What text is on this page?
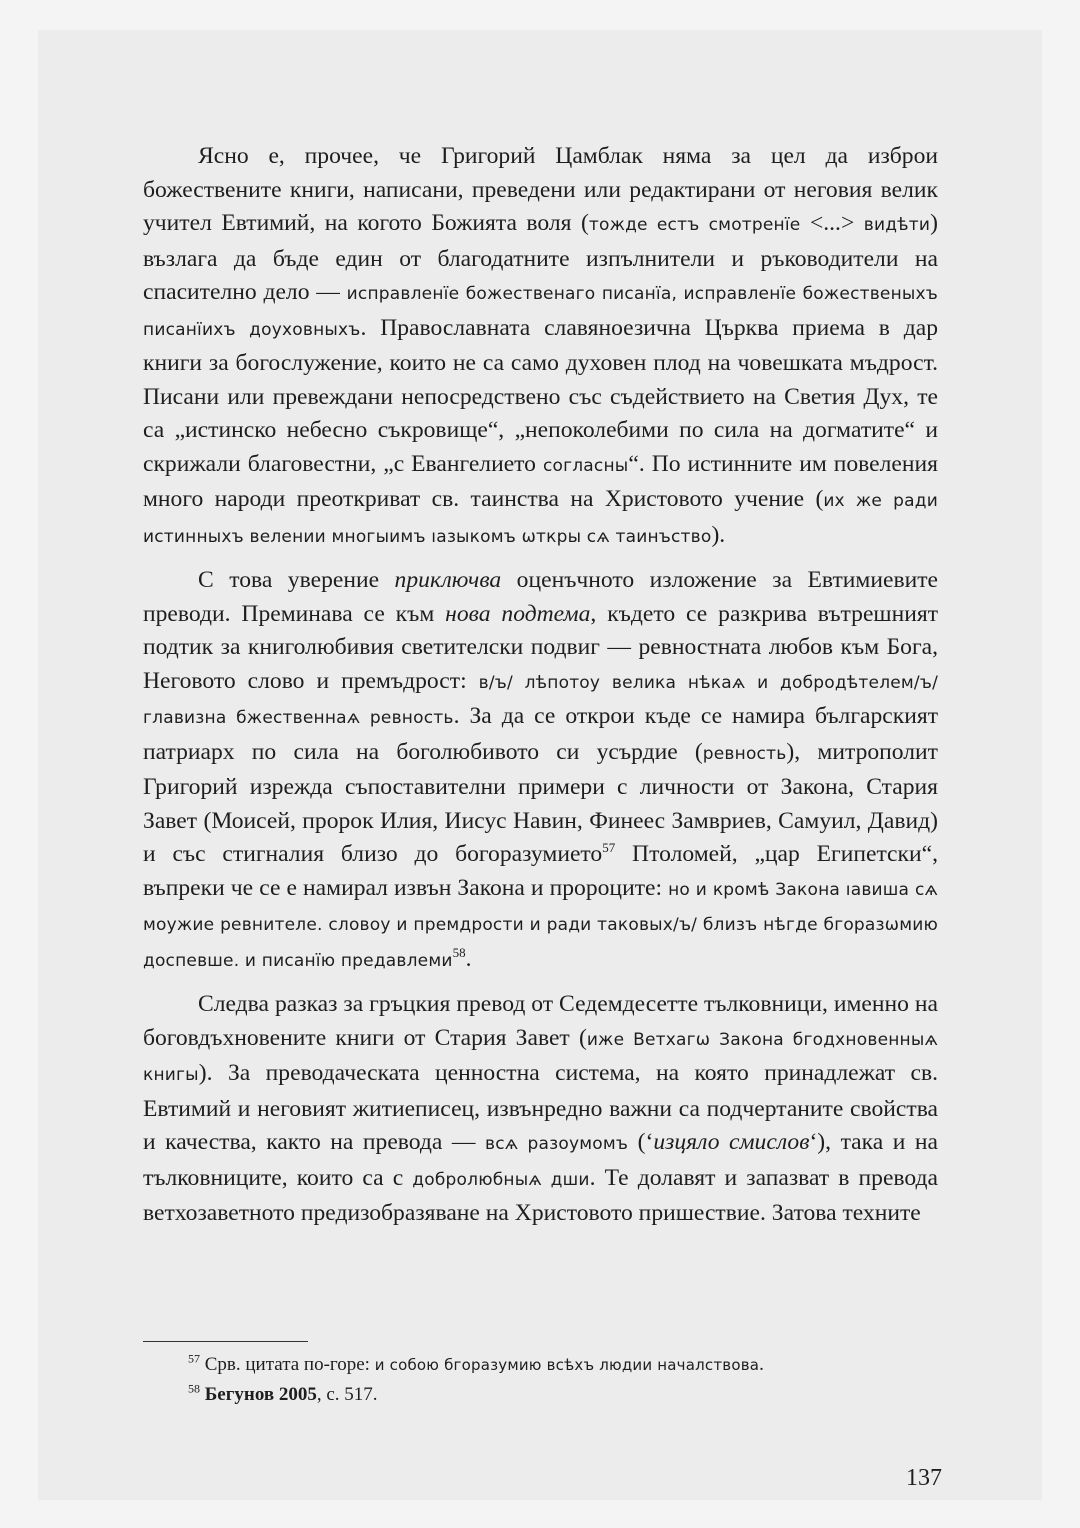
Ясно е, прочее, че Григорий Цамблак няма за цел да изброи божествените книги, написани, преведени или редактирани от неговия велик учител Евтимий, на когото Божията воля (тожде естъ смотренїе <...> видѣти) възлага да бъде един от благодатните изпълнители и ръководители на спасително дело — исправленїе божественаго писанїа, исправленїе божественыхъ писанїихъ доуховныхъ. Православната славяноезична Църква приема в дар книги за богослужение, които не са само духовен плод на човешката мъдрост. Писани или превеждани непосредствено със съдействието на Светия Дух, те са „истинско небесно съкровище“, „непоколебими по сила на догматите“ и скрижали благовестни, „с Евангелието согласны“. По истинните им повеления много народи преоткриват св. таинства на Христовото учение (их же ради истинныхъ велении многыимъ ıазыкомъ ѡткры сѧ таинъство).

С това уверение приключва оценъчното изложение за Евтимиевите преводи. Преминава се към нова подтема, където се разкрива вътрешният подтик за книголюбивия светителски подвиг — ревностната любов към Бога, Неговото слово и премъдрост: в/ъ/ лѣпотоу велика нѣкаѧ и добродѣтелем/ъ/ главизна бжественнаѧ ревность. За да се открои къде се намира българският патриарх по сила на боголюбивото си усърдие (ревность), митрополит Григорий изрежда съпоставителни примери с личности от Закона, Стария Завет (Моисей, пророк Илия, Иисус Навин, Финеес Замвриев, Самуил, Давид) и със стигналия близо до богоразумието$^{57}$ Птоломей, „цар Египетски“, въпреки че се е намирал извън Закона и пророците: но и кромѣ Закона ıавиша сѧ моужие ревнителе. словоу и премдрости и ради таковых/ъ/ близъ нѣгде бгоразѡмию доспевше. и писанїю предавлеми$^{58}$.

Следва разказ за гръцкия превод от Седемдесетте тълковници, именно на боговдъхновените книги от Стария Завет (иже Ветхагѡ Закона бгодхновенныѧ книгы). За преводаческата ценностна система, на която принадлежат св. Евтимий и неговият житиеписец, извънредно важни са подчертаните свойства и качества, както на превода — всѧ разоумомъ (‘изцяло смислов‘), така и на тълковниците, които са с добролюбныѧ дши. Те долавят и запазват в превода ветхозаветното предизобразяване на Христовото пришествие. Затова техните

$^{57}$ Срв. цитата по-горе: и собою бгоразумию всѣхъ людии началствова.

$^{58}$ Бегунов 2005, с. 517.

137
